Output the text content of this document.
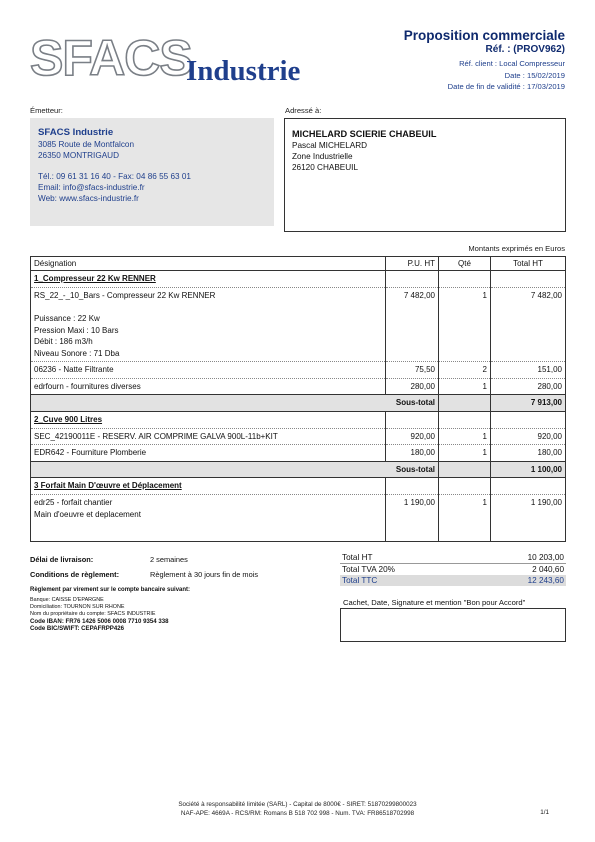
SFACS
Industrie
Proposition commerciale
Réf. : (PROV962)
Réf. client : Local Compresseur
Date : 15/02/2019
Date de fin de validité : 17/03/2019
Émetteur:
SFACS Industrie
3085 Route de Montfalcon
26350 MONTRIGAUD
Tél.: 09 61 31 16 40 - Fax: 04 86 55 63 01
Email: info@sfacs-industrie.fr
Web: www.sfacs-industrie.fr
Adressé à:
MICHELARD SCIERIE CHABEUIL
Pascal MICHELARD
Zone Industrielle
26120 CHABEUIL
Montants exprimés en Euros
Désignation	P.U. HT	Qté	Total HT
1_Compresseur 22 Kw RENNER			

RS_22_-_10_Bars - Compresseur 22 Kw RENNER
Puissance : 22 Kw
Pression Maxi : 10 Bars
Débit : 186 m3/h
Niveau Sonore : 71 Dba	7 482,00	1	7 482,00

06236 - Natte Filtrante	75,50	2	151,00

edrfourn - fournitures diverses	280,00	1	280,00
Sous-total			7 913,00
2_Cuve 900 Litres			

SEC_42190011E - RESERV. AIR COMPRIME GALVA 900L-11b+KIT	920,00	1	920,00

EDR642 - Fourniture Plomberie	180,00	1	180,00
Sous-total			1 100,00
3 Forfait Main D'œuvre et Déplacement			

edr25 - forfait chantier
Main d'oeuvre et deplacement	1 190,00	1	1 190,00
Délai de livraison:	2 semaines
Conditions de règlement:	Règlement à 30 jours fin de mois
Total HT	10 203,00
Total TVA 20%	2 040,60
Total TTC	12 243,60
Règlement par virement sur le compte bancaire suivant:
Banque: CAISSE D'EPARGNE
Domiciliation: TOURNON SUR RHONE
Nom du propriétaire du compte: SFACS INDUSTRIE
Code IBAN: FR76 1426 5006 0008 7710 9354 338
Code BIC/SWIFT: CEPAFRPP426
Cachet, Date, Signature et mention "Bon pour Accord"
Société à responsabilité limitée (SARL) - Capital de 8000€ - SIRET: 51870299800023
NAF-APE: 4669A - RCS/RM: Romans B 518 702 998 - Num. TVA: FR86518702998	1/1
